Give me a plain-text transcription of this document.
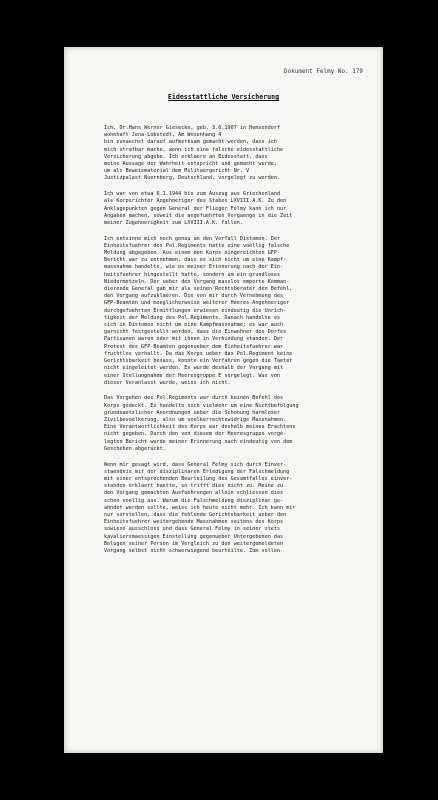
Dokument Felmy No. 179
Eidesstattliche Versicherung
Ich, Dr.Hans Werner Giesecke, geb. 3.6.1907 in Hemsendorf
wohnhaft Jena-Lobstedt, Am Wosenhang 4
bin zunaechst darauf aufmerksam gemacht worden, dass ich
mich strafbar mache, wenn ich eine falsche eidesstattliche
Versicherung abgebe. Ich erklaere an Eidesstatt, dass
meine Aussage der Wahrheit entspricht und gemacht wurde,
um als Beweismaterial dem Militaergericht Nr. V
Justizpalast Nuernberg, Deutschland, vorgelegt zu werden.
Ich war von etwa 6.1.1944 bis zum Auszug aus Griechenland
als Korpsrichter Angehoeriger des Stabes LXVIII.A.K. Zu den
Anklagepunkten gegen General der Flieger Felmy kann ich nur
Angaben machen, soweit die angefuehrten Vorgaenge in die Zeit
meiner Zugehoerigkeit zum LXVIII.A.K. fallen.
Ich entsinne mich noch genau an den Vorfall Distomon. Der
Einheitsfuehrer des Pol.Regiments hatte eine voellig falsche
Meldung abgegeben. Aus einem den Korps eingereichten GFP-
Bericht war zu entnehmen, dass es sich nicht um eine Kampf-
massnahme handelte, wie es meiner Erinnerung nach der Ein-
heitsfuehrer hingestellt hatte, sondern um ein grundloses
Niedermetzeln. Der ueber den Vorgang masslos emporte Komman-
dierende General gab mir als seinen Rechtsberater den Befehl,
den Vorgang aufzuklaeren. Die von mir durch Vernehmung des
GFP-Beamten und moeglicherweise weiterer Heeres-Angehoeriger
durchgefuehrten Ermittlungen erwiesen eindeutig die Unrich-
tigkeit der Meldung des Pol.Regiments. Danach handelte es
sich in Distomon nicht um eine Kampfmassnahme; es war auch
garnicht festgestellt worden, dass die Einwohner des Dorfes
Partisanen waren oder mit ihnen in Verbindung standen. Der
Protest des GFP-Beamten gegenueber dem Einheitsfuehrer war
fruchtlos verhallt. Da das Korps ueber das Pol.Regiment keine
Gerichtsbarkeit besass, konnte ein Verfahren gegen die Taeter
nicht eingeleitet werden. Es wurde deshalb der Vorgang mit
einer Stellungnahme der Heeresgruppe E vorgelegt. Was von
dieser Veranlasst wurde, weiss ich nicht.
Das Vorgehen des Pol.Regiments war durch keinen Befehl des
Korps gedeckt. Es handelte sich vielmehr um eine Nichtbefolgung
grundsaetzlicher Anordnungen ueber die Schonung harmloser
Zivilbevoelkerung, also um voelkerrechtswidrige Massnahmen.
Eine Verantwortlichkeit des Korps war deshalb meines Erachtens
nicht gegeben. Durch den von diesem der Heeresgruppe vorge-
legten Bericht wurde meiner Erinnerung nach eindeutig von dem
Geschehen abgeruckt.
Wenn mir gesagt wird, dass General Felmy sich durch Einver-
staendnis mit der disziplinaren Erledigung der Falschmeldung
mit einer entsprechenden Beurteilung des Gesamtfalles einver-
standen erklaert haette, so trifft dies nicht zu. Meine zu
den Vorgang gemachten Ausfuehrungen allein schliessen dies
schon voellig aus. Warum die Falschmeldung disziplinar ge-
ahndet werden sollte, weiss ich heute nicht mehr. Ich kann mir
nur vorstellen, dass die fehlende Gerichtsbarkeit ueber den
Einheitsfuehrer weitergehende Massnahmen seitens des Korps
sowieso ausschloss und dass General Felmy in seiner stets
kavaliersmaessigen Einstellung gegenueber Untergebenen das
Belugen seiner Person im Vergleich zu den weitergemeldeten
Vorgang selbst nicht schwerwiegend beurteilte. Zum vollen
